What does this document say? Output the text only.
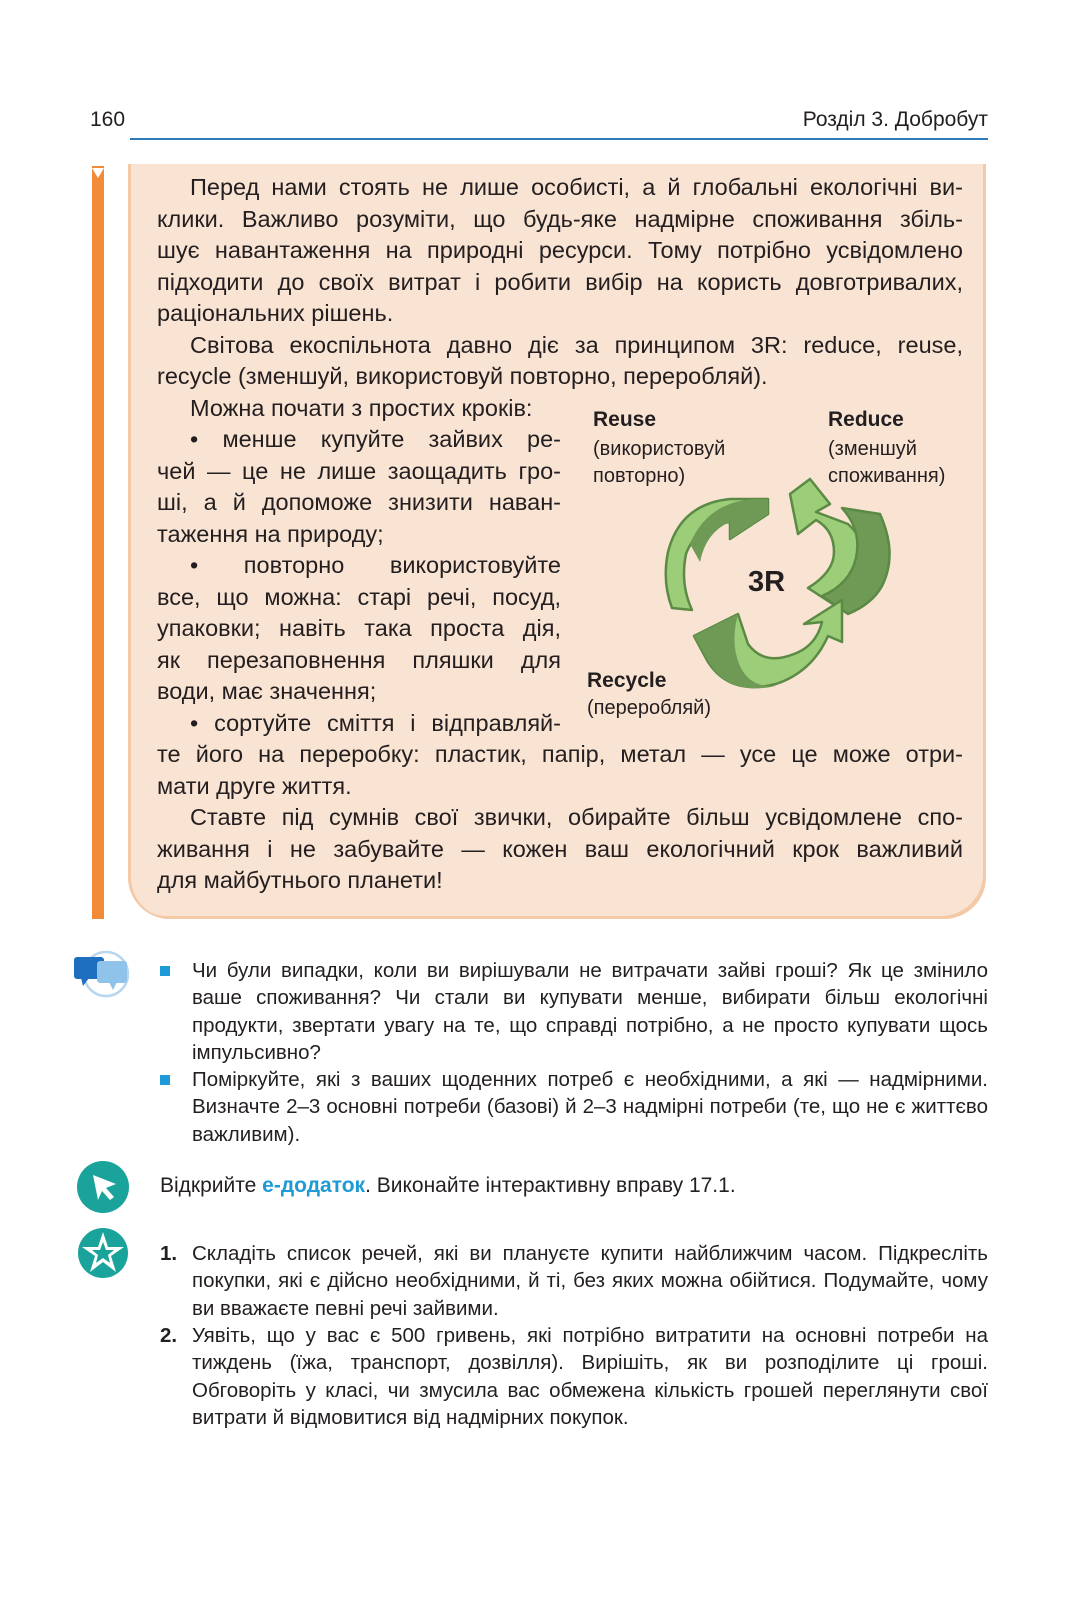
160	Розділ 3. Добробут
Перед нами стоять не лише особисті, а й глобальні екологічні ви-
клики. Важливо розуміти, що будь-яке надмірне споживання збіль-
шує навантаження на природні ресурси. Тому потрібно усвідомлено
підходити до своїх витрат і робити вибір на користь довготривалих,
раціональних рішень.
Світова екоспільнота давно діє за принципом 3R: reduce, reuse,
recycle (зменшуй, використовуй повторно, переробляй).
Можна почати з простих кроків:
• менше купуйте зайвих ре-
чей — це не лише заощадить гро-
ші, а й допоможе знизити наван-
таження на природу;
• повторно використовуйте
все, що можна: старі речі, посуд,
упаковки; навіть така проста дія,
як перезаповнення пляшки для
води, має значення;
• сортуйте сміття і відправляй-
те його на переробку: пластик, папір, метал — усе це може отри-
мати друге життя.
Ставте під сумнів свої звички, обирайте більш усвідомлене спо-
живання і не забувайте — кожен ваш екологічний крок важливий
для майбутнього планети!
3R
Reuse
(використовуй
повторно)
Reduce
(зменшуй
споживання)
Recycle
(переробляй)
Чи були випадки, коли ви вирішували не витрачати зайві гроші? Як це змінило ваше споживання? Чи стали ви купувати менше, вибирати більш екологічні продукти, звертати увагу на те, що справді потрібно, а не просто купувати щось імпульсивно?
Поміркуйте, які з ваших щоденних потреб є необхідними, а які — надмірними. Визначте 2–3 основні потреби (базові) й 2–3 надмірні потреби (те, що не є життєво важливим).
Відкрийте е-додаток. Виконайте інтерактивну вправу 17.1.
1. Складіть список речей, які ви плануєте купити найближчим часом. Підкресліть покупки, які є дійсно необхідними, й ті, без яких можна обійтися. Подумайте, чому ви вважаєте певні речі зайвими.
2. Уявіть, що у вас є 500 гривень, які потрібно витратити на основні потреби на тиждень (їжа, транспорт, дозвілля). Вирішіть, як ви розподілите ці гроші. Обговоріть у класі, чи змусила вас обмежена кількість грошей переглянути свої витрати й відмовитися від надмірних покупок.
